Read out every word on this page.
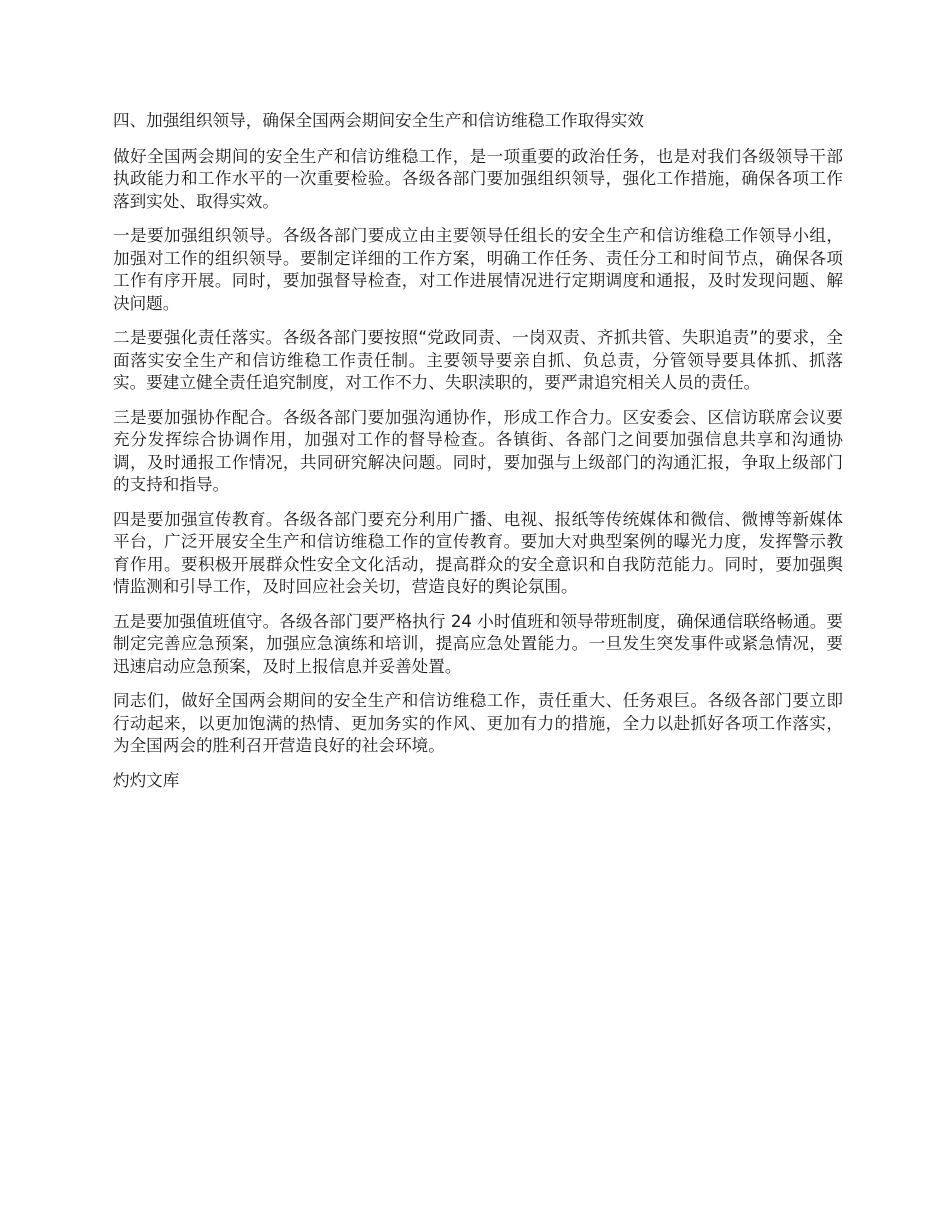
四、加强组织领导，确保全国两会期间安全生产和信访维稳工作取得实效

做好全国两会期间的安全生产和信访维稳工作，是一项重要的政治任务，也是对我们各级领导干部执政能力和工作水平的一次重要检验。各级各部门要加强组织领导，强化工作措施，确保各项工作落到实处、取得实效。

一是要加强组织领导。各级各部门要成立由主要领导任组长的安全生产和信访维稳工作领导小组，加强对工作的组织领导。要制定详细的工作方案，明确工作任务、责任分工和时间节点，确保各项工作有序开展。同时，要加强督导检查，对工作进展情况进行定期调度和通报，及时发现问题、解决问题。

二是要强化责任落实。各级各部门要按照“党政同责、一岗双责、齐抓共管、失职追责”的要求，全面落实安全生产和信访维稳工作责任制。主要领导要亲自抓、负总责，分管领导要具体抓、抓落实。要建立健全责任追究制度，对工作不力、失职渎职的，要严肃追究相关人员的责任。

三是要加强协作配合。各级各部门要加强沟通协作，形成工作合力。区安委会、区信访联席会议要充分发挥综合协调作用，加强对工作的督导检查。各镇街、各部门之间要加强信息共享和沟通协调，及时通报工作情况，共同研究解决问题。同时，要加强与上级部门的沟通汇报，争取上级部门的支持和指导。

四是要加强宣传教育。各级各部门要充分利用广播、电视、报纸等传统媒体和微信、微博等新媒体平台，广泛开展安全生产和信访维稳工作的宣传教育。要加大对典型案例的曝光力度，发挥警示教育作用。要积极开展群众性安全文化活动，提高群众的安全意识和自我防范能力。同时，要加强舆情监测和引导工作，及时回应社会关切，营造良好的舆论氛围。

五是要加强值班值守。各级各部门要严格执行 24 小时值班和领导带班制度，确保通信联络畅通。要制定完善应急预案，加强应急演练和培训，提高应急处置能力。一旦发生突发事件或紧急情况，要迅速启动应急预案，及时上报信息并妥善处置。

同志们，做好全国两会期间的安全生产和信访维稳工作，责任重大、任务艰巨。各级各部门要立即行动起来，以更加饱满的热情、更加务实的作风、更加有力的措施，全力以赴抓好各项工作落实，为全国两会的胜利召开营造良好的社会环境。

灼灼文库
